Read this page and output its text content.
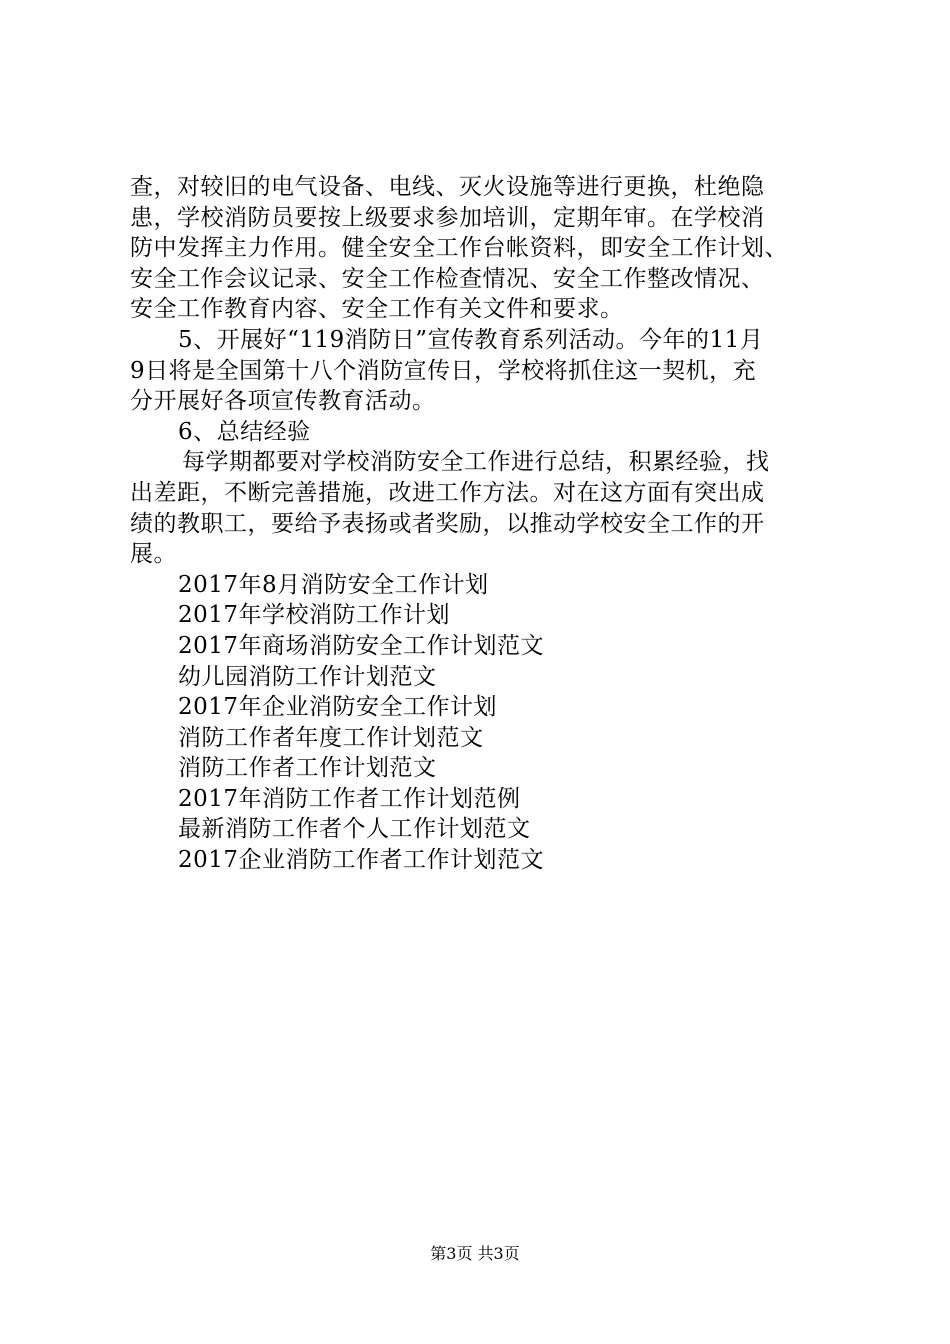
查，对较旧的电气设备、电线、灭火设施等进行更换，杜绝隐
患，学校消防员要按上级要求参加培训，定期年审。在学校消
防中发挥主力作用。健全安全工作台帐资料，即安全工作计划、
安全工作会议记录、安全工作检查情况、安全工作整改情况、
安全工作教育内容、安全工作有关文件和要求。
5、开展好“119消防日”宣传教育系列活动。今年的11月
9日将是全国第十八个消防宣传日，学校将抓住这一契机，充
分开展好各项宣传教育活动。
6、总结经验
每学期都要对学校消防安全工作进行总结，积累经验，找
出差距，不断完善措施，改进工作方法。对在这方面有突出成
绩的教职工，要给予表扬或者奖励，以推动学校安全工作的开
展。
2017年8月消防安全工作计划
2017年学校消防工作计划
2017年商场消防安全工作计划范文
幼儿园消防工作计划范文
2017年企业消防安全工作计划
消防工作者年度工作计划范文
消防工作者工作计划范文
2017年消防工作者工作计划范例
最新消防工作者个人工作计划范文
2017企业消防工作者工作计划范文
第3页 共3页
